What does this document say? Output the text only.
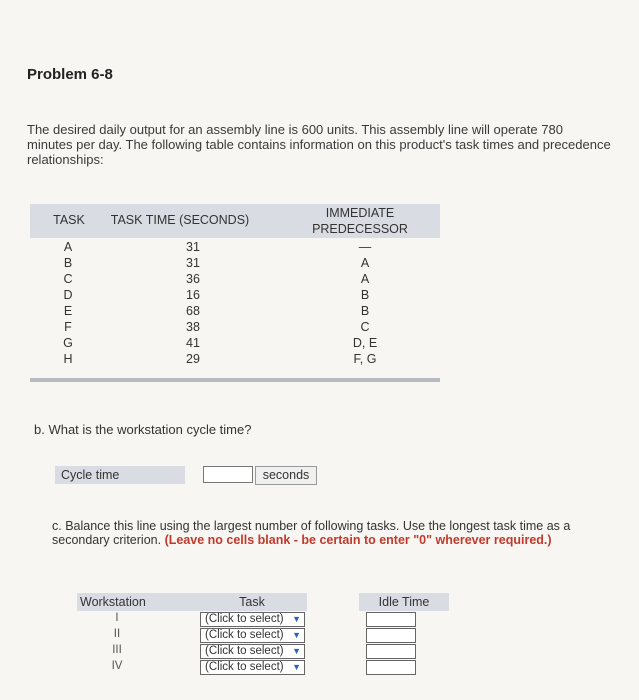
Problem 6-8
The desired daily output for an assembly line is 600 units. This assembly line will operate 780 minutes per day. The following table contains information on this product's task times and precedence relationships:
TASK	TASK TIME (SECONDS)	IMMEDIATE
PREDECESSOR
A	31	—
B	31	A
C	36	A
D	16	B
E	68	B
F	38	C
G	41	D, E
H	29	F, G
b. What is the workstation cycle time?
Cycle time	seconds
c. Balance this line using the largest number of following tasks. Use the longest task time as a secondary criterion. (Leave no cells blank - be certain to enter "0" wherever required.)
Workstation	Task	Idle Time
I	(Click to select) ▼
II	(Click to select) ▼
III	(Click to select) ▼
IV	(Click to select) ▼
